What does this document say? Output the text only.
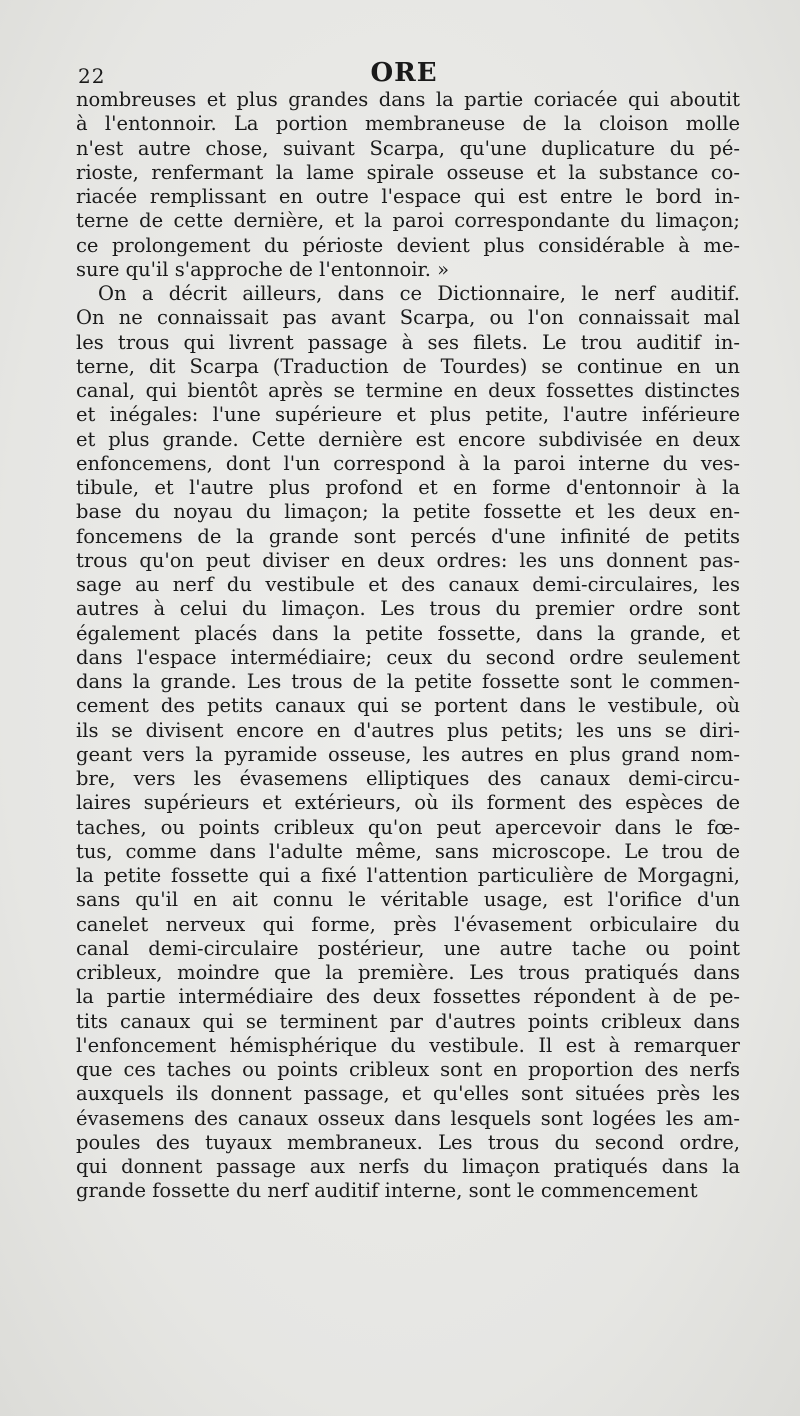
22	ORE
nombreuses et plus grandes dans la partie coriacée qui aboutit
à l'entonnoir. La portion membraneuse de la cloison molle
n'est autre chose, suivant Scarpa, qu'une duplicature du pé-
rioste, renfermant la lame spirale osseuse et la substance co-
riacée remplissant en outre l'espace qui est entre le bord in-
terne de cette dernière, et la paroi correspondante du limaçon;
ce prolongement du périoste devient plus considérable à me-
sure qu'il s'approche de l'entonnoir. »
On a décrit ailleurs, dans ce Dictionnaire, le nerf auditif.
On ne connaissait pas avant Scarpa, ou l'on connaissait mal
les trous qui livrent passage à ses filets. Le trou auditif in-
terne, dit Scarpa (Traduction de Tourdes) se continue en un
canal, qui bientôt après se termine en deux fossettes distinctes
et inégales: l'une supérieure et plus petite, l'autre inférieure
et plus grande. Cette dernière est encore subdivisée en deux
enfoncemens, dont l'un correspond à la paroi interne du ves-
tibule, et l'autre plus profond et en forme d'entonnoir à la
base du noyau du limaçon; la petite fossette et les deux en-
foncemens de la grande sont percés d'une infinité de petits
trous qu'on peut diviser en deux ordres: les uns donnent pas-
sage au nerf du vestibule et des canaux demi-circulaires, les
autres à celui du limaçon. Les trous du premier ordre sont
également placés dans la petite fossette, dans la grande, et
dans l'espace intermédiaire; ceux du second ordre seulement
dans la grande. Les trous de la petite fossette sont le commen-
cement des petits canaux qui se portent dans le vestibule, où
ils se divisent encore en d'autres plus petits; les uns se diri-
geant vers la pyramide osseuse, les autres en plus grand nom-
bre, vers les évasemens elliptiques des canaux demi-circu-
laires supérieurs et extérieurs, où ils forment des espèces de
taches, ou points cribleux qu'on peut apercevoir dans le fœ-
tus, comme dans l'adulte même, sans microscope. Le trou de
la petite fossette qui a fixé l'attention particulière de Morgagni,
sans qu'il en ait connu le véritable usage, est l'orifice d'un
canelet nerveux qui forme, près l'évasement orbiculaire du
canal demi-circulaire postérieur, une autre tache ou point
cribleux, moindre que la première. Les trous pratiqués dans
la partie intermédiaire des deux fossettes répondent à de pe-
tits canaux qui se terminent par d'autres points cribleux dans
l'enfoncement hémisphérique du vestibule. Il est à remarquer
que ces taches ou points cribleux sont en proportion des nerfs
auxquels ils donnent passage, et qu'elles sont situées près les
évasemens des canaux osseux dans lesquels sont logées les am-
poules des tuyaux membraneux. Les trous du second ordre,
qui donnent passage aux nerfs du limaçon pratiqués dans la
grande fossette du nerf auditif interne, sont le commencement
